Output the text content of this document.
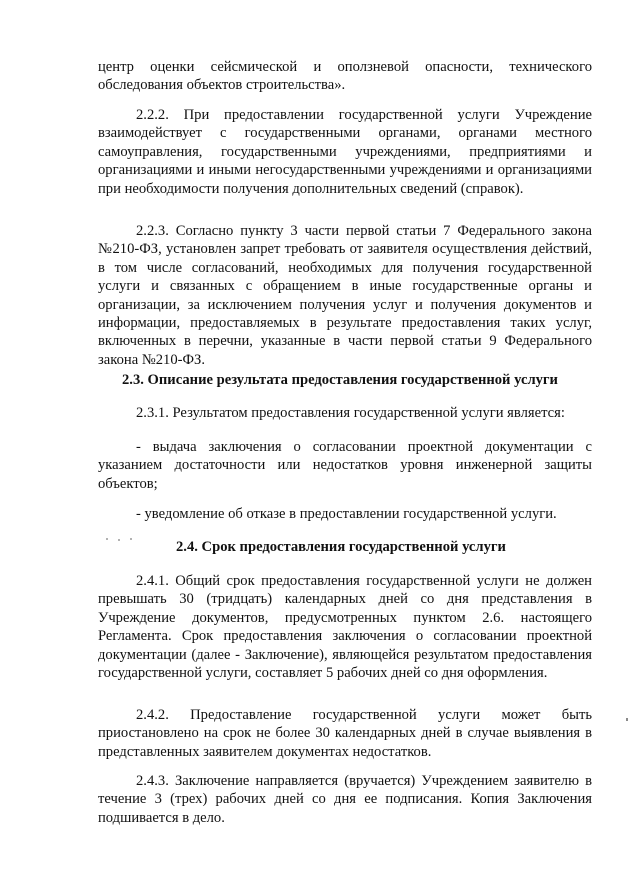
центр оценки сейсмической и оползневой опасности, технического обследования объектов строительства».

2.2.2. При предоставлении государственной услуги Учреждение взаимодействует с государственными органами, органами местного самоуправления, государственными учреждениями, предприятиями и организациями и иными негосударственными учреждениями и организациями при необходимости получения дополнительных сведений (справок).

2.2.3. Согласно пункту 3 части первой статьи 7 Федерального закона №210-ФЗ, установлен запрет требовать от заявителя осуществления действий, в том числе согласований, необходимых для получения государственной услуги и связанных с обращением в иные государственные органы и организации, за исключением получения услуг и получения документов и информации, предоставляемых в результате предоставления таких услуг, включенных в перечни, указанные в части первой статьи 9 Федерального закона №210-ФЗ.

2.3. Описание результата предоставления государственной услуги

2.3.1. Результатом предоставления государственной услуги является:

- выдача заключения о согласовании проектной документации с указанием достаточности или недостатков уровня инженерной защиты объектов;

- уведомление об отказе в предоставлении государственной услуги.

2.4. Срок предоставления государственной услуги

2.4.1. Общий срок предоставления государственной услуги не должен превышать 30 (тридцать) календарных дней со дня представления в Учреждение документов, предусмотренных пунктом 2.6. настоящего Регламента. Срок предоставления заключения о согласовании проектной документации (далее - Заключение), являющейся результатом предоставления государственной услуги, составляет 5 рабочих дней со дня оформления.

2.4.2. Предоставление государственной услуги может быть приостановлено на срок не более 30 календарных дней в случае выявления в представленных заявителем документах недостатков.

2.4.3. Заключение направляется (вручается) Учреждением заявителю в течение 3 (трех) рабочих дней со дня ее подписания. Копия Заключения подшивается в дело.
